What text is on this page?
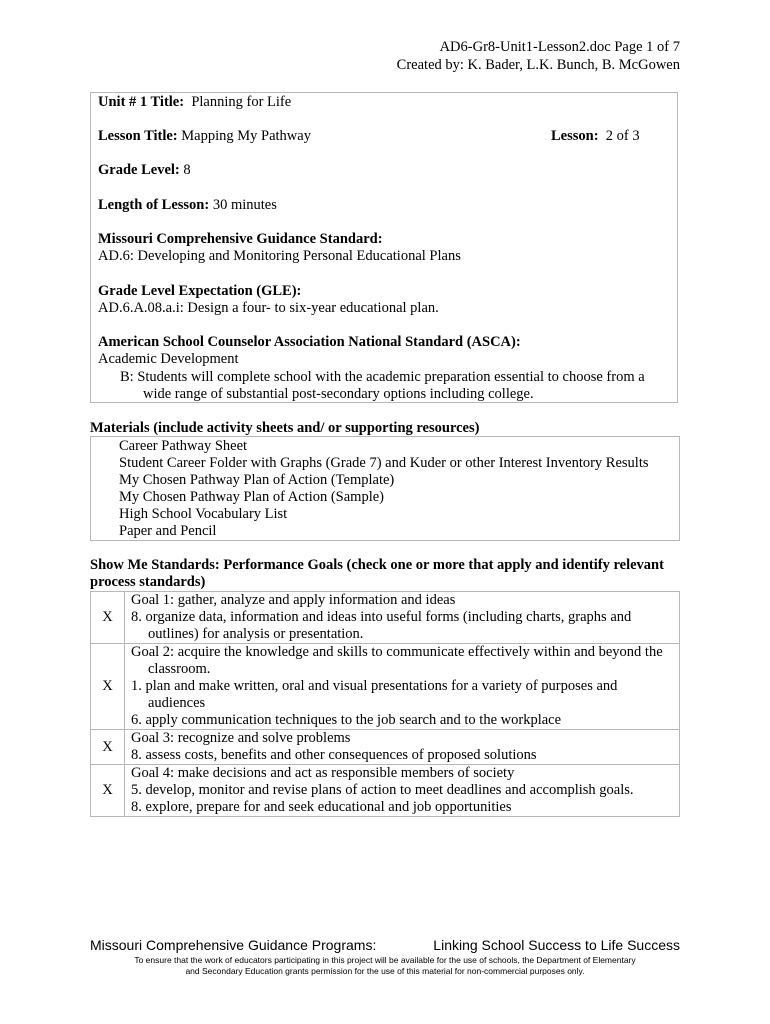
AD6-Gr8-Unit1-Lesson2.doc Page 1 of 7
Created by: K. Bader, L.K. Bunch, B. McGowen
Unit # 1 Title: Planning for Life
Lesson Title: Mapping My Pathway	Lesson: 2 of 3
Grade Level: 8
Length of Lesson: 30 minutes
Missouri Comprehensive Guidance Standard:
AD.6: Developing and Monitoring Personal Educational Plans
Grade Level Expectation (GLE):
AD.6.A.08.a.i: Design a four- to six-year educational plan.
American School Counselor Association National Standard (ASCA):
Academic Development
B: Students will complete school with the academic preparation essential to choose from a
wide range of substantial post-secondary options including college.
Materials (include activity sheets and/ or supporting resources)
Career Pathway Sheet
Student Career Folder with Graphs (Grade 7) and Kuder or other Interest Inventory Results
My Chosen Pathway Plan of Action (Template)
My Chosen Pathway Plan of Action (Sample)
High School Vocabulary List
Paper and Pencil
Show Me Standards: Performance Goals (check one or more that apply and identify relevant process standards)
X	Goal 1: gather, analyze and apply information and ideas
8. organize data, information and ideas into useful forms (including charts, graphs and outlines) for analysis or presentation.

X	Goal 2: acquire the knowledge and skills to communicate effectively within and beyond the classroom.
1. plan and make written, oral and visual presentations for a variety of purposes and audiences
6. apply communication techniques to the job search and to the workplace

X	Goal 3: recognize and solve problems
8. assess costs, benefits and other consequences of proposed solutions

X	Goal 4: make decisions and act as responsible members of society
5. develop, monitor and revise plans of action to meet deadlines and accomplish goals.
8. explore, prepare for and seek educational and job opportunities
Missouri Comprehensive Guidance Programs:	Linking School Success to Life Success
To ensure that the work of educators participating in this project will be available for the use of schools, the Department of Elementary
and Secondary Education grants permission for the use of this material for non-commercial purposes only.
